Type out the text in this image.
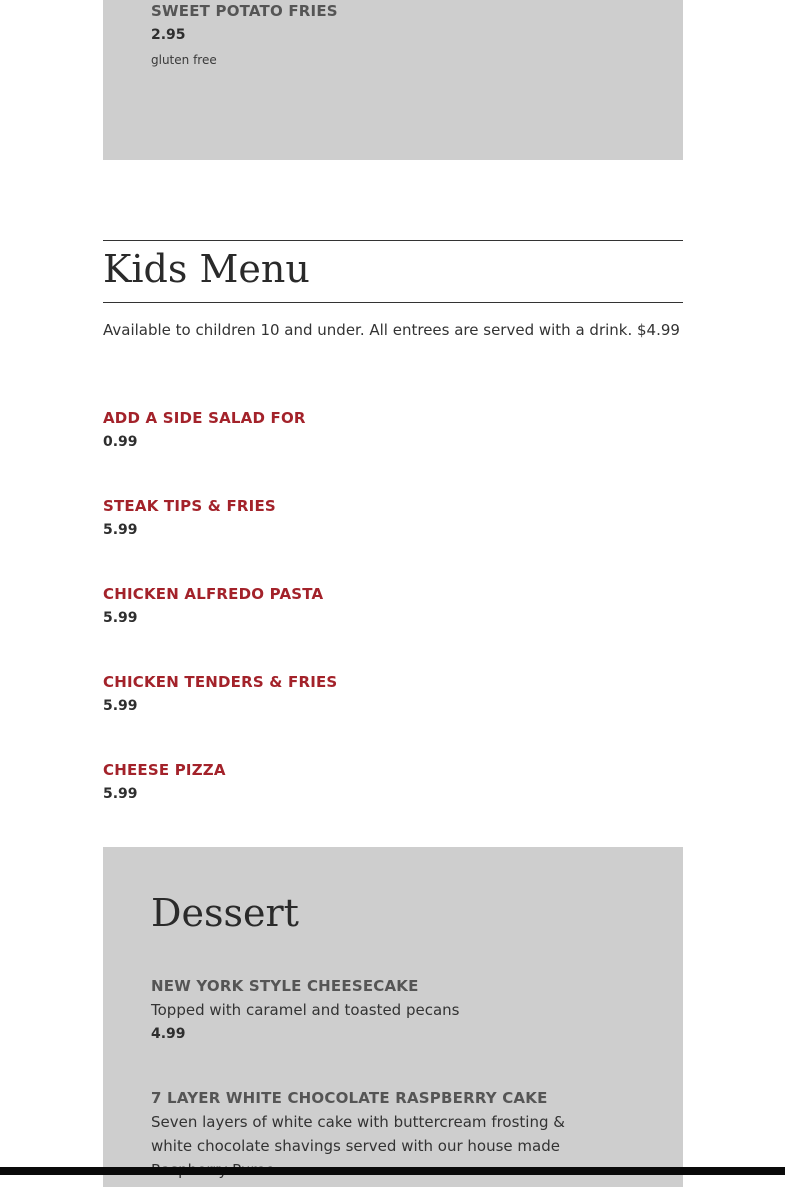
SWEET POTATO FRIES
2.95
gluten free
Kids Menu
Available to children 10 and under. All entrees are served with a drink. $4.99
ADD A SIDE SALAD FOR
0.99
STEAK TIPS & FRIES
5.99
CHICKEN ALFREDO PASTA
5.99
CHICKEN TENDERS & FRIES
5.99
CHEESE PIZZA
5.99
Dessert
NEW YORK STYLE CHEESECAKE
Topped with caramel and toasted pecans
4.99
7 LAYER WHITE CHOCOLATE RASPBERRY CAKE
Seven layers of white cake with buttercream frosting & white chocolate shavings served with our house made
